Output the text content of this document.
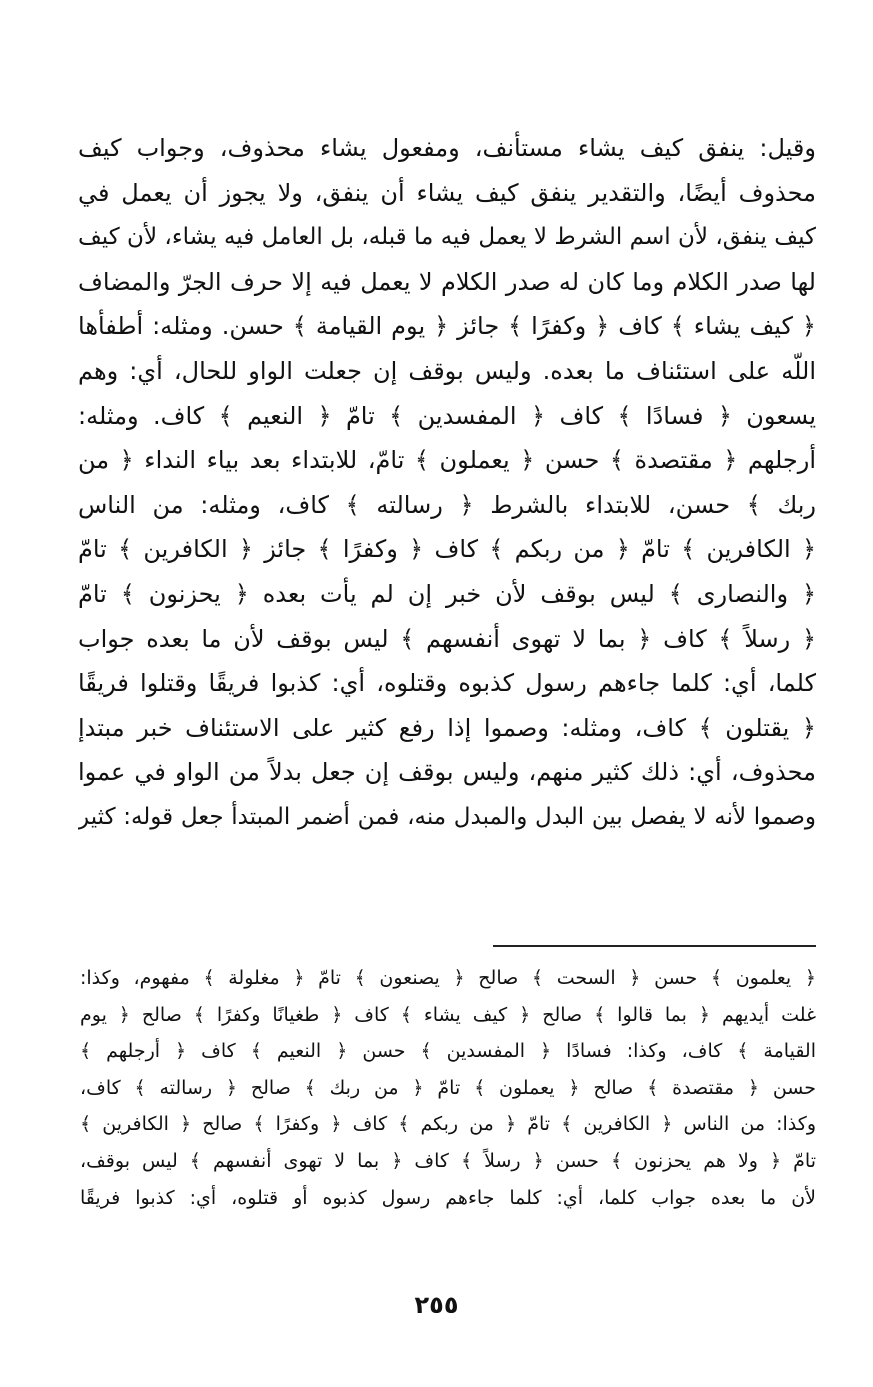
وقيل: ينفق كيف يشاء مستأنف، ومفعول يشاء محذوف، وجواب كيف
محذوف أيضًا، والتقدير ينفق كيف يشاء أن ينفق، ولا يجوز أن يعمل في
كيف ينفق، لأن اسم الشرط لا يعمل فيه ما قبله، بل العامل فيه يشاء، لأن كيف
لها صدر الكلام وما كان له صدر الكلام لا يعمل فيه إلا حرف الجرّ والمضاف
﴿ كيف يشاء ﴾ كاف ﴿ وكفرًا ﴾ جائز ﴿ يوم القيامة ﴾ حسن. ومثله: أطفأها
اللّه على استئناف ما بعده. وليس بوقف إن جعلت الواو للحال، أي: وهم
يسعون ﴿ فسادًا ﴾ كاف ﴿ المفسدين ﴾ تامّ ﴿ النعيم ﴾ كاف. ومثله:
أرجلهم ﴿ مقتصدة ﴾ حسن ﴿ يعملون ﴾ تامّ، للابتداء بعد بياء النداء ﴿ من
ربك ﴾ حسن، للابتداء بالشرط ﴿ رسالته ﴾ كاف، ومثله: من الناس
﴿ الكافرين ﴾ تامّ ﴿ من ربكم ﴾ كاف ﴿ وكفرًا ﴾ جائز ﴿ الكافرين ﴾ تامّ
﴿ والنصارى ﴾ ليس بوقف لأن خبر إن لم يأت بعده ﴿ يحزنون ﴾ تامّ
﴿ رسلاً ﴾ كاف ﴿ بما لا تهوى أنفسهم ﴾ ليس بوقف لأن ما بعده جواب
كلما، أي: كلما جاءهم رسول كذبوه وقتلوه، أي: كذبوا فريقًا وقتلوا فريقًا
﴿ يقتلون ﴾ كاف، ومثله: وصموا إذا رفع كثير على الاستئناف خبر مبتدإ
محذوف، أي: ذلك كثير منهم، وليس بوقف إن جعل بدلاً من الواو في عموا
وصموا لأنه لا يفصل بين البدل والمبدل منه، فمن أضمر المبتدأ جعل قوله: كثير
﴿ يعلمون ﴾ حسن ﴿ السحت ﴾ صالح ﴿ يصنعون ﴾ تامّ ﴿ مغلولة ﴾ مفهوم، وكذا:
غلت أيديهم ﴿ بما قالوا ﴾ صالح ﴿ كيف يشاء ﴾ كاف ﴿ طغيانًا وكفرًا ﴾ صالح ﴿ يوم
القيامة ﴾ كاف، وكذا: فسادًا ﴿ المفسدين ﴾ حسن ﴿ النعيم ﴾ كاف ﴿ أرجلهم ﴾
حسن ﴿ مقتصدة ﴾ صالح ﴿ يعملون ﴾ تامّ ﴿ من ربك ﴾ صالح ﴿ رسالته ﴾ كاف،
وكذا: من الناس ﴿ الكافرين ﴾ تامّ ﴿ من ربكم ﴾ كاف ﴿ وكفرًا ﴾ صالح ﴿ الكافرين ﴾
تامّ ﴿ ولا هم يحزنون ﴾ حسن ﴿ رسلاً ﴾ كاف ﴿ بما لا تهوى أنفسهم ﴾ ليس بوقف،
لأن ما بعده جواب كلما، أي: كلما جاءهم رسول كذبوه أو قتلوه، أي: كذبوا فريقًا
٢٥٥
